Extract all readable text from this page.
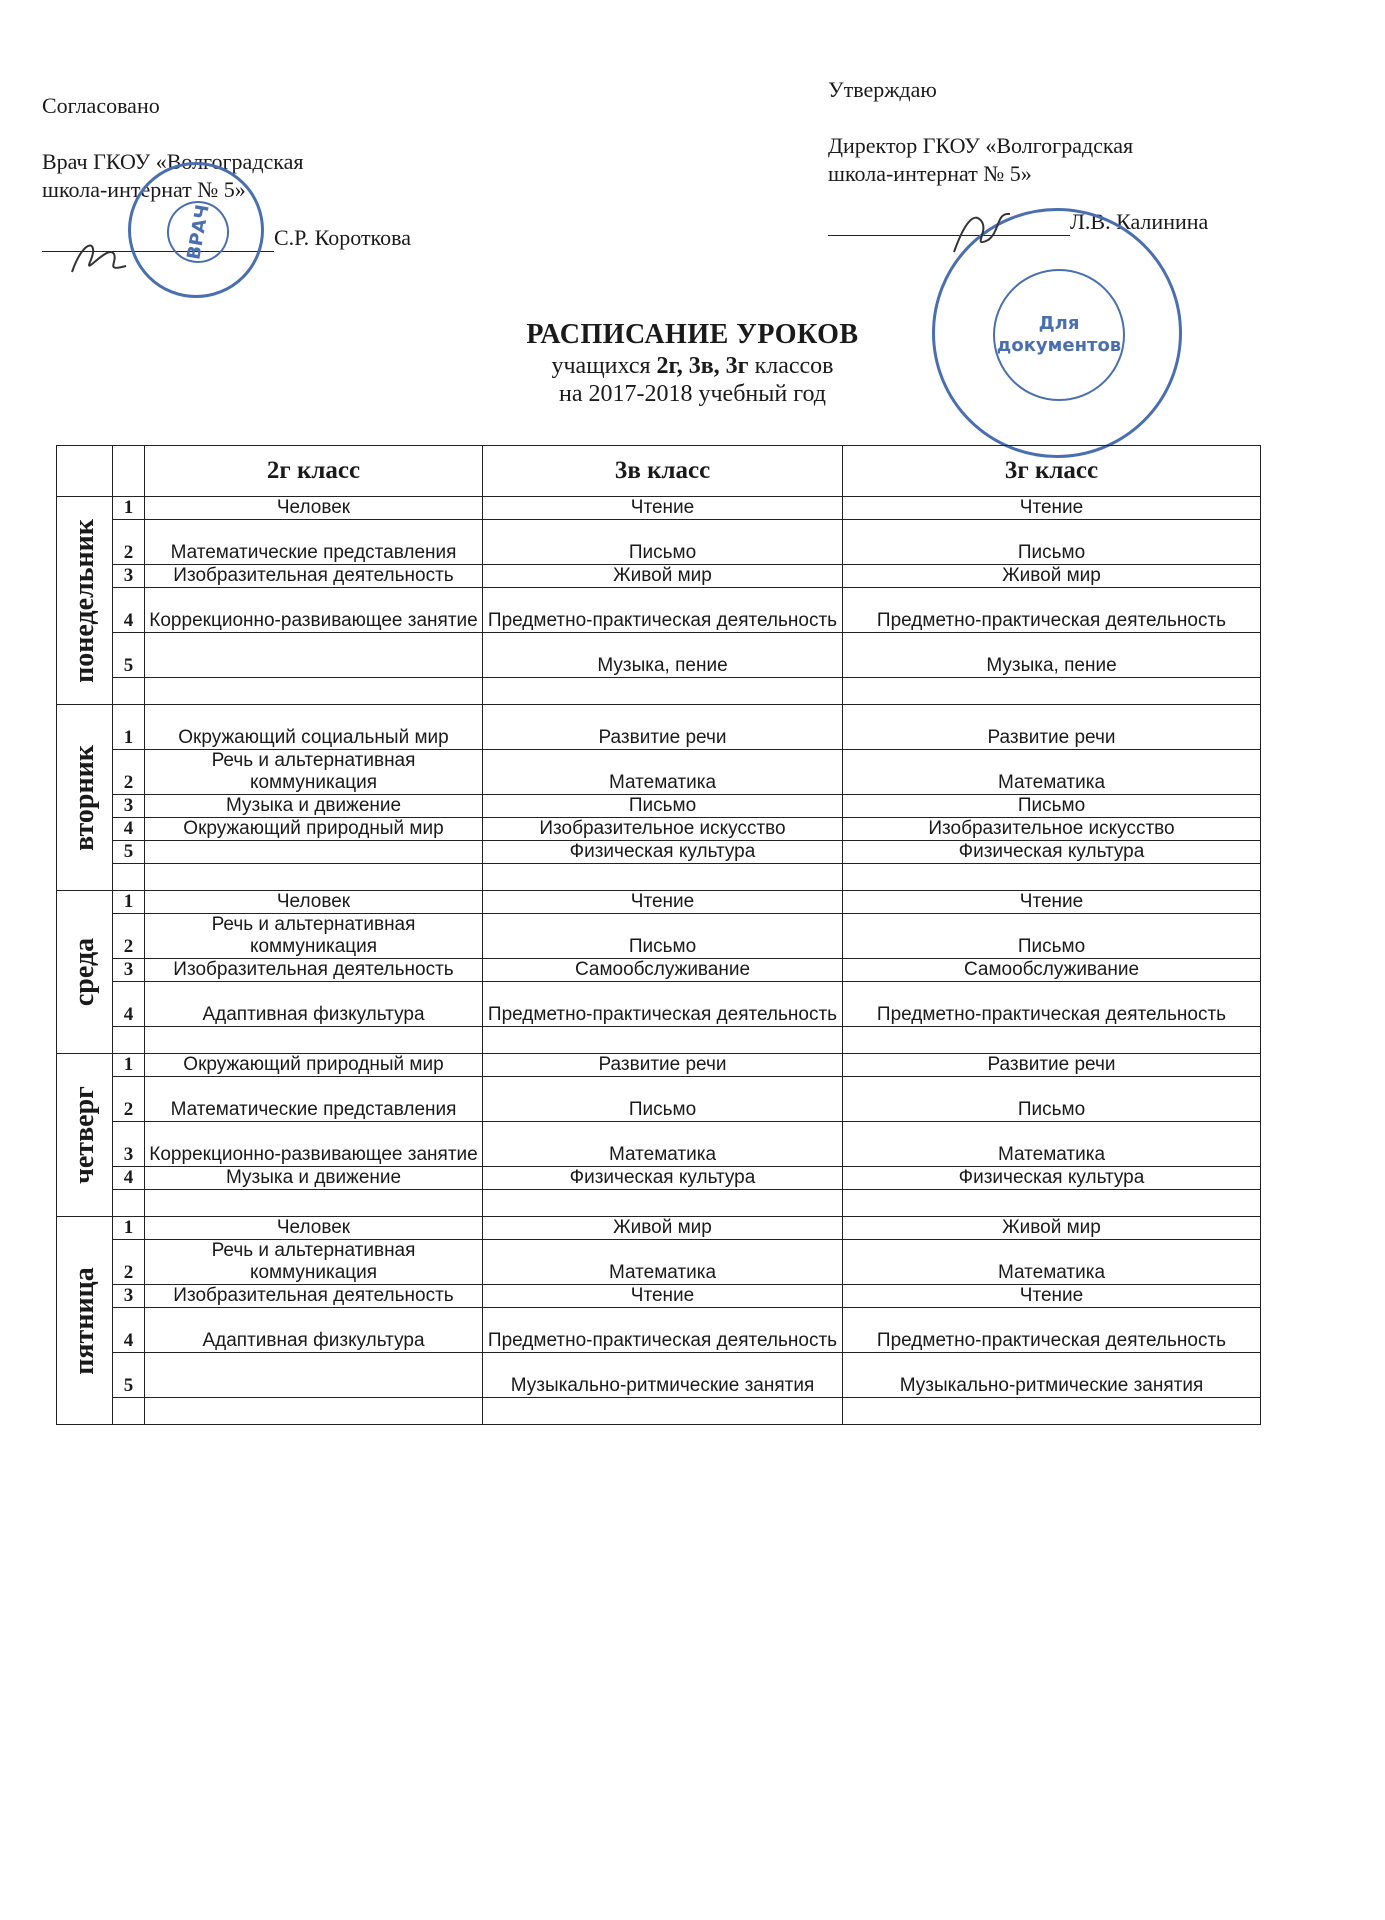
Согласовано
Врач ГКОУ «Волгоградская
школа-интернат № 5»
С.Р. Короткова
Утверждаю
Директор ГКОУ «Волгоградская
школа-интернат № 5»
Л.В. Калинина
ВРАЧ
Для документов
РАСПИСАНИЕ УРОКОВ
учащихся 2г, 3в, 3г классов
на 2017-2018 учебный год
		2г класс	3в класс	3г класс

понедельник	1	Человек	Чтение	Чтение
	2	Математические представления	Письмо	Письмо
	3	Изобразительная деятельность	Живой мир	Живой мир
	4	Коррекционно-развивающее занятие	Предметно-практическая деятельность	Предметно-практическая деятельность
	5		Музыка, пение	Музыка, пение

вторник	1	Окружающий социальный мир	Развитие речи	Развитие речи
	2	Речь и альтернативная коммуникация	Математика	Математика
	3	Музыка и движение	Письмо	Письмо
	4	Окружающий природный мир	Изобразительное искусство	Изобразительное искусство
	5		Физическая культура	Физическая культура

среда	1	Человек	Чтение	Чтение
	2	Речь и альтернативная коммуникация	Письмо	Письмо
	3	Изобразительная деятельность	Самообслуживание	Самообслуживание
	4	Адаптивная физкультура	Предметно-практическая деятельность	Предметно-практическая деятельность

четверг	1	Окружающий природный мир	Развитие речи	Развитие речи
	2	Математические представления	Письмо	Письмо
	3	Коррекционно-развивающее занятие	Математика	Математика
	4	Музыка и движение	Физическая культура	Физическая культура

пятница	1	Человек	Живой мир	Живой мир
	2	Речь и альтернативная коммуникация	Математика	Математика
	3	Изобразительная деятельность	Чтение	Чтение
	4	Адаптивная физкультура	Предметно-практическая деятельность	Предметно-практическая деятельность
	5		Музыкально-ритмические занятия	Музыкально-ритмические занятия
